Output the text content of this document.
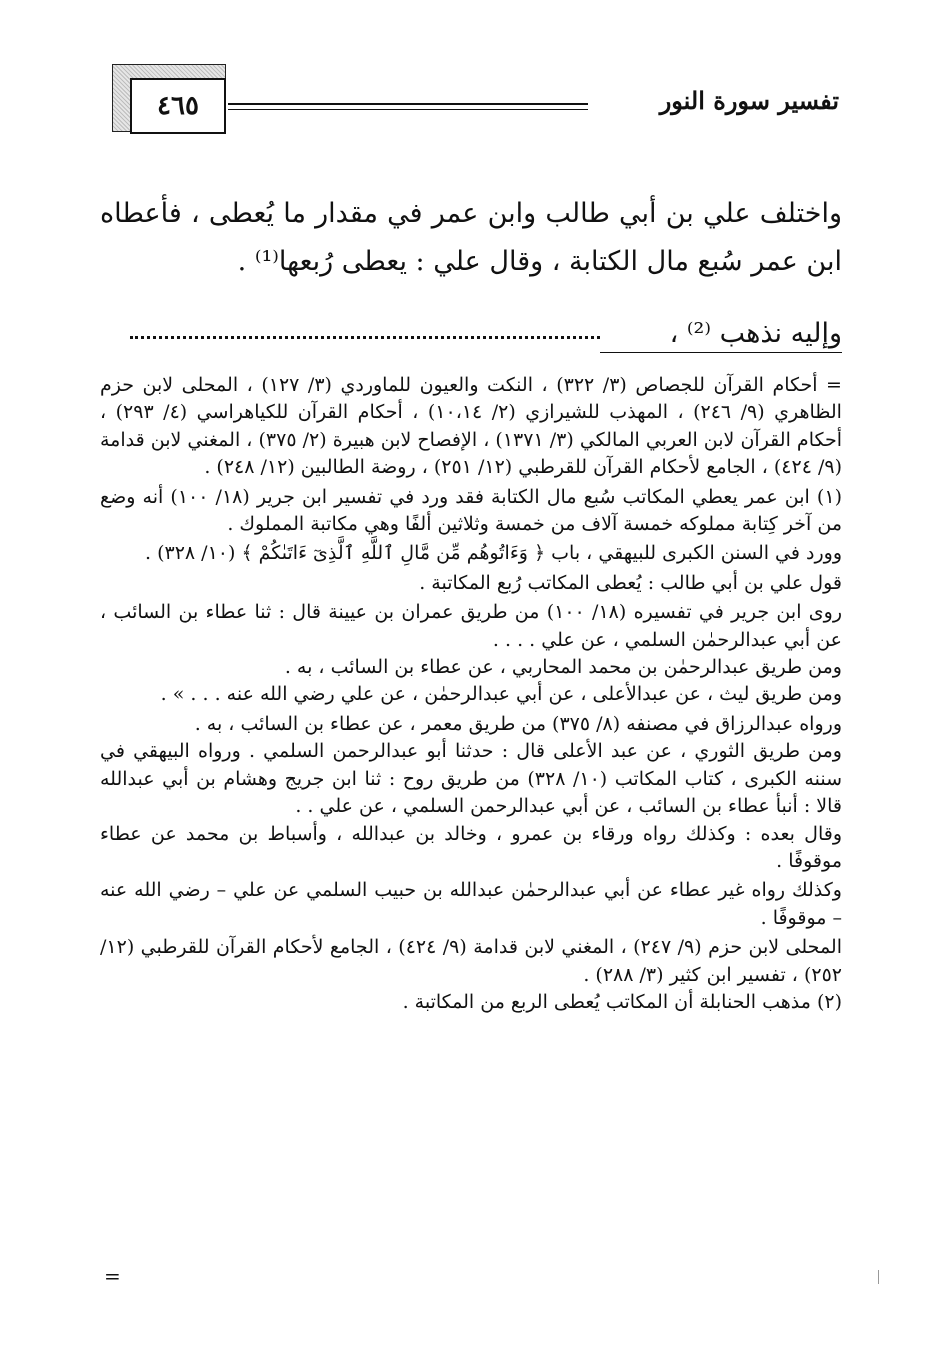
٤٦٥	تفسير سورة النور

واختلف علي بن أبي طالب وابن عمر في مقدار ما يُعطى ، فأعطاه ابن عمر سُبع مال الكتابة ، وقال علي : يعطى رُبعها⁽¹⁾ .

وإليه نذهب ⁽²⁾ ،

= أحكام القرآن للجصاص (٣/ ٣٢٢) ، النكت والعيون للماوردي (٣/ ١٢٧) ، المحلى لابن حزم الظاهري (٩/ ٢٤٦) ، المهذب للشيرازي (٢/ ١٠،١٤) ، أحكام القرآن للكياهراسي (٤/ ٢٩٣) ، أحكام القرآن لابن العربي المالكي (٣/ ١٣٧١) ، الإفصاح لابن هبيرة (٢/ ٣٧٥) ، المغني لابن قدامة (٩/ ٤٢٤) ، الجامع لأحكام القرآن للقرطبي (١٢/ ٢٥١) ، روضة الطالبين (١٢/ ٢٤٨) .

(١) ابن عمر يعطي المكاتب سُبع مال الكتابة فقد ورد في تفسير ابن جرير (١٨/ ١٠٠) أنه وضع من آخر كِتابة مملوكه خمسة آلاف من خمسة وثلاثين ألفًا وهي مكاتبة المملوك .

وورد في السنن الكبرى للبيهقي ، باب ﴿ وَءَاتُوهُم مِّن مَّالِ ٱللَّهِ ٱلَّذِىٓ ءَاتَىٰكُمْ ﴾ (١٠/ ٣٢٨) .

قول علي بن أبي طالب : يُعطى المكاتب رُبع المكاتبة .

روى ابن جرير في تفسيره (١٨/ ١٠٠) من طريق عمران بن عيينة قال : ثنا عطاء بن السائب ، عن أبي عبدالرحمٰن السلمي ، عن علي . . . .

ومن طريق عبدالرحمٰن بن محمد المحاربي ، عن عطاء بن السائب ، به .

ومن طريق ليث ، عن عبدالأعلى ، عن أبي عبدالرحمٰن ، عن علي رضي الله عنه . . . » .

ورواه عبدالرزاق في مصنفه (٨/ ٣٧٥) من طريق معمر ، عن عطاء بن السائب ، به .

ومن طريق الثوري ، عن عبد الأعلى قال : حدثنا أبو عبدالرحمن السلمي . ورواه البيهقي في سننه الكبرى ، كتاب المكاتب (١٠/ ٣٢٨) من طريق روح : ثنا ابن جريج وهشام بن أبي عبدالله قالا : أنبأ عطاء بن السائب ، عن أبي عبدالرحمن السلمي ، عن علي . .

وقال بعده : وكذلك رواه ورقاء بن عمرو ، وخالد بن عبدالله ، وأسباط بن محمد عن عطاء موقوفًا .

وكذلك رواه غير عطاء عن أبي عبدالرحمٰن عبدالله بن حبيب السلمي عن علي – رضي الله عنه – موقوفًا .

المحلى لابن حزم (٩/ ٢٤٧) ، المغني لابن قدامة (٩/ ٤٢٤) ، الجامع لأحكام القرآن للقرطبي (١٢/ ٢٥٢) ، تفسير ابن كثير (٣/ ٢٨٨) .

(٢) مذهب الحنابلة أن المكاتب يُعطى الربع من المكاتبة .

=
